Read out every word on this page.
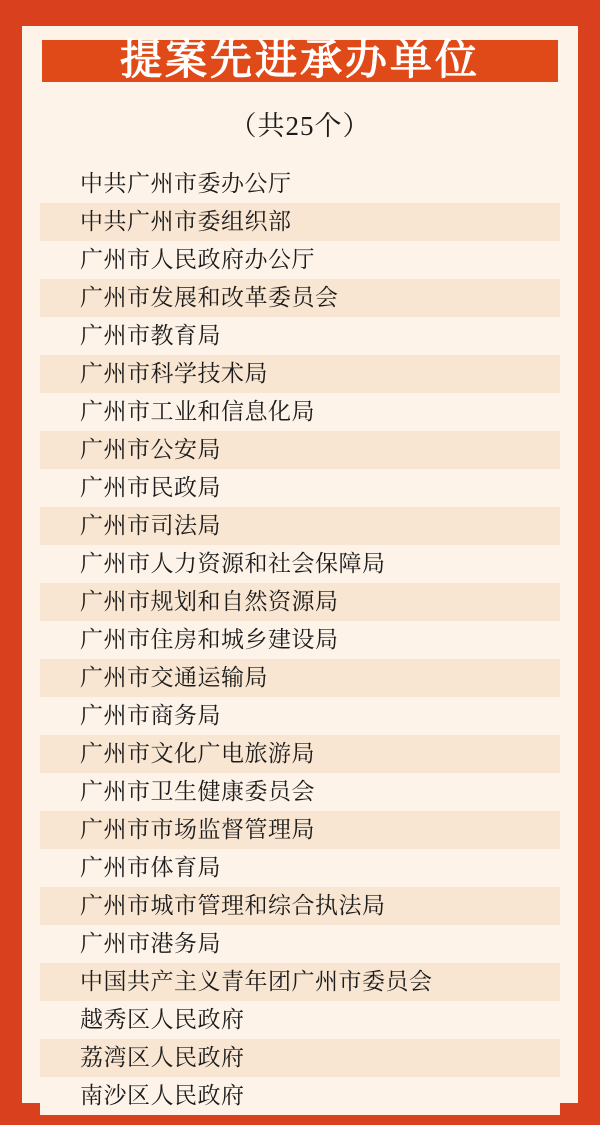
提案先进承办单位
（共25个）
中共广州市委办公厅
中共广州市委组织部
广州市人民政府办公厅
广州市发展和改革委员会
广州市教育局
广州市科学技术局
广州市工业和信息化局
广州市公安局
广州市民政局
广州市司法局
广州市人力资源和社会保障局
广州市规划和自然资源局
广州市住房和城乡建设局
广州市交通运输局
广州市商务局
广州市文化广电旅游局
广州市卫生健康委员会
广州市市场监督管理局
广州市体育局
广州市城市管理和综合执法局
广州市港务局
中国共产主义青年团广州市委员会
越秀区人民政府
荔湾区人民政府
南沙区人民政府
